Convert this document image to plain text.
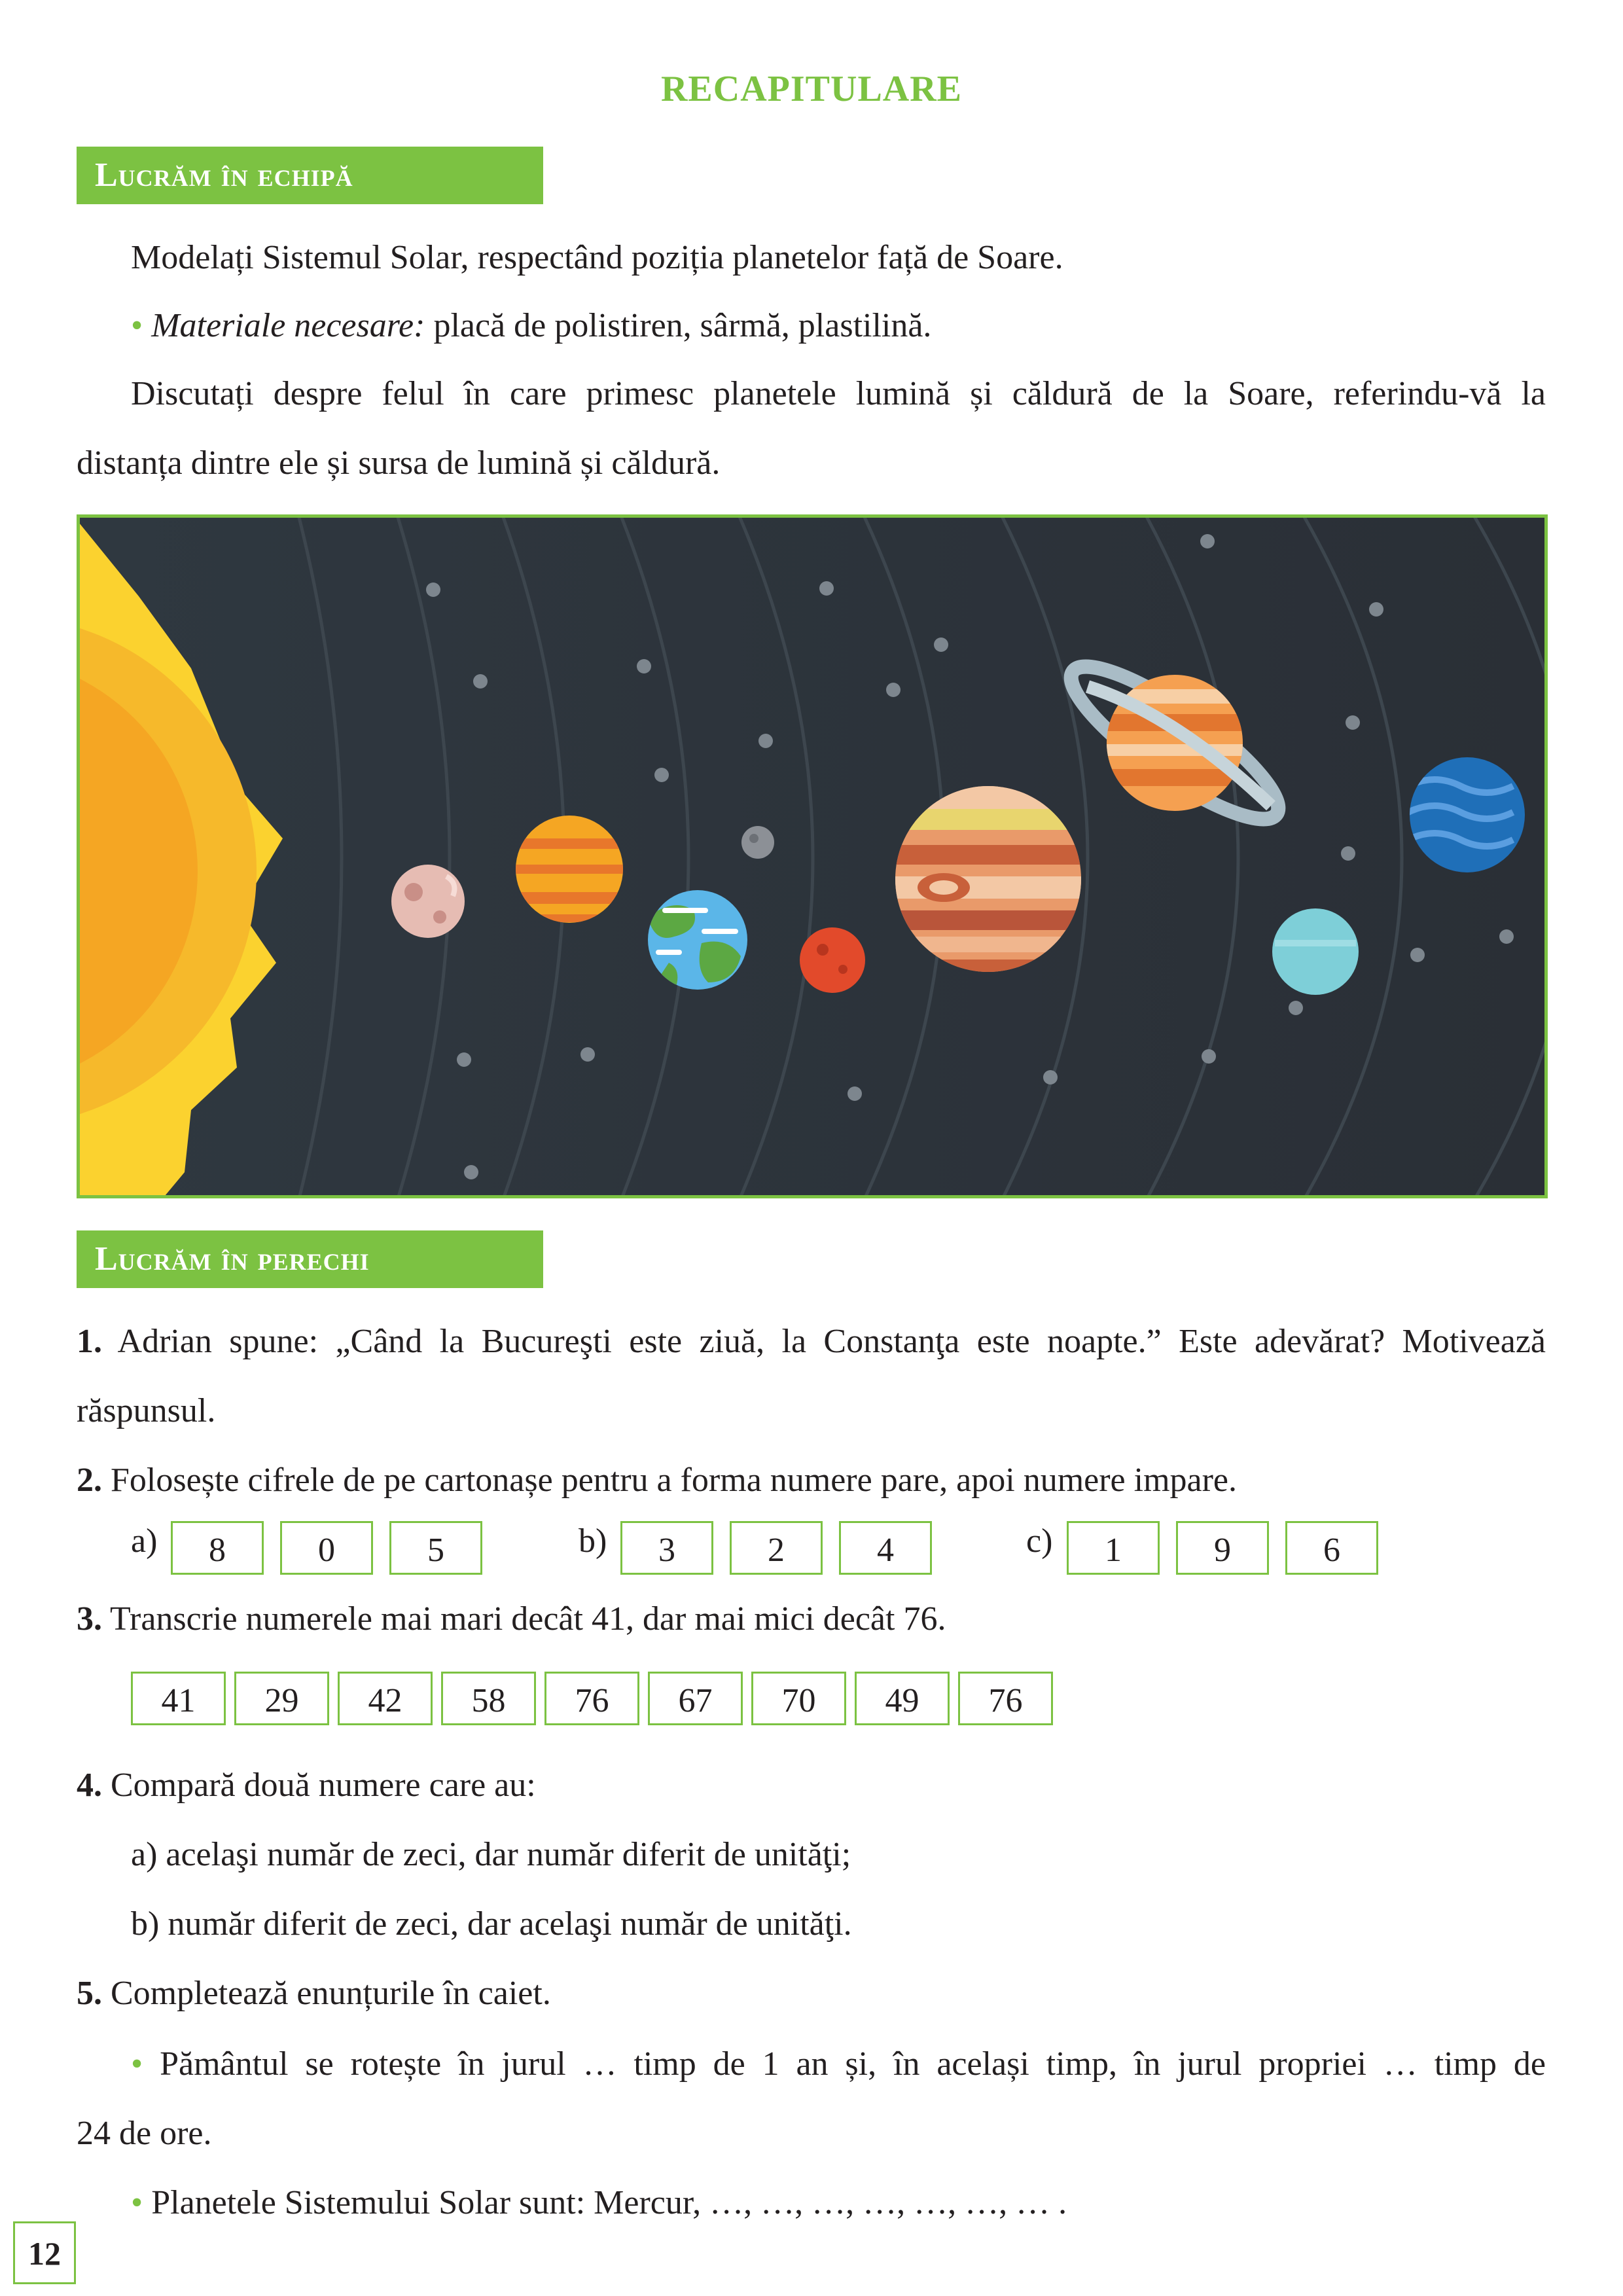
RECAPITULARE
Lucrăm în echipă
Modelați Sistemul Solar, respectând poziția planetelor față de Soare.
• Materiale necesare: placă de polistiren, sârmă, plastilină.
Discutați despre felul în care primesc planetele lumină și căldură de la Soare, referindu-vă la
distanța dintre ele și sursa de lumină și căldură.
Lucrăm în perechi
1. Adrian spune: „Când la Bucureşti este ziuă, la Constanţa este noapte.” Este adevărat? Motivează
răspunsul.
2. Folosește cifrele de pe cartonașe pentru a forma numere pare, apoi numere impare.
a)	8	0	5	b)	3	2	4	c)	1	9	6
3. Transcrie numerele mai mari decât 41, dar mai mici decât 76.
41	29	42	58	76	67	70	49	76
4. Compară două numere care au:
a) acelaşi număr de zeci, dar număr diferit de unităţi;
b) număr diferit de zeci, dar acelaşi număr de unităţi.
5. Completează enunțurile în caiet.
• Pământul se rotește în jurul … timp de 1 an și, în același timp, în jurul propriei … timp de
24 de ore.
• Planetele Sistemului Solar sunt: Mercur, …, …, …, …, …, …, … .
12
